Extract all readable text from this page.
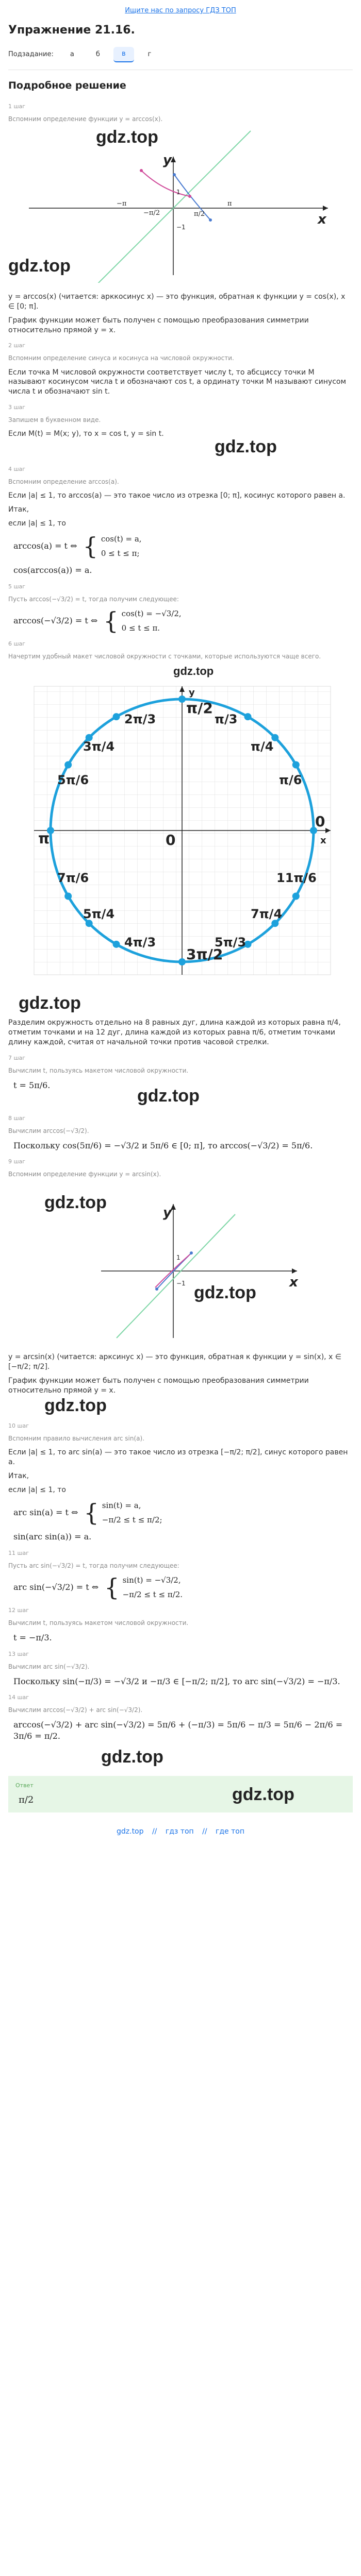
Ищите нас по запросу ГДЗ ТОП
Упражнение 21.16.
Подзадание:	а	б	в	г
Подробное решение
1 шаг
Вспомним определение функции y = arccos(x).
y
x
−π
−π/2	π/2
π
1
−1
gdz.top
gdz.top

y = arccos(x) (читается: арккосинус x) — это функция, обратная к функции y = cos(x), x ∈ [0; π].

График функции может быть получен с помощью преобразования симметрии относительно прямой y = x.

2 шаг
Вспомним определение синуса и косинуса на числовой окружности.

Если точка M числовой окружности соответствует числу t, то абсциссу точки M называют косинусом числа t и обозначают cos t, а ординату точки M называют синусом числа t и обозначают sin t.

3 шаг
Запишем в буквенном виде.

Если M(t) = M(x; y), то x = cos t, y = sin t.

gdz.top
4 шаг
Вспомним определение arccos(a).

Если |a| ≤ 1, то arccos(a) — это такое число из отрезка [0; π], косинус которого равен a.

Итак,

если |a| ≤ 1, то

arccos(a) = t ⇔ { cos(t) = a,
0 ≤ t ≤ π;
cos(arccos(a)) = a.
5 шаг
Пусть arccos(−√3/2) = t, тогда получим следующее:
arccos(−√3/2) = t ⇔ { cos(t) = −√3/2,
0 ≤ t ≤ π.
6 шаг
Начертим удобный макет числовой окружности с точками, которые используются чаще всего.
π/2
3π/2
π
0
0
y
x
π/3
π/4
π/6
2π/3
3π/4
5π/6
7π/6
5π/4
4π/3	5π/3
7π/4
11π/6
gdz.top
gdz.top

Разделим окружность отдельно на 8 равных дуг, длина каждой из которых равна π/4, отметим точками и на 12 дуг, длина каждой из которых равна π/6, отметим точками длину каждой, считая от начальной точки против часовой стрелки.

7 шаг
Вычислим t, пользуясь макетом числовой окружности.
t = 5π/6.
gdz.top
8 шаг
Вычислим arccos(−√3/2).
Поскольку cos(5π/6) = −√3/2 и 5π/6 ∈ [0; π], то arccos(−√3/2) = 5π/6.
9 шаг
Вспомним определение функции y = arcsin(x).
y
x
1
−1
gdz.top
gdz.top

y = arcsin(x) (читается: арксинус x) — это функция, обратная к функции y = sin(x), x ∈ [−π/2; π/2].

График функции может быть получен с помощью преобразования симметрии относительно прямой y = x.

gdz.top
10 шаг
Вспомним правило вычисления arc sin(a).

Если |a| ≤ 1, то arc sin(a) — это такое число из отрезка [−π/2; π/2], синус которого равен a.

Итак,

если |a| ≤ 1, то

arc sin(a) = t ⇔ { sin(t) = a,
−π/2 ≤ t ≤ π/2;
sin(arc sin(a)) = a.
11 шаг
Пусть arc sin(−√3/2) = t, тогда получим следующее:
arc sin(−√3/2) = t ⇔ { sin(t) = −√3/2,
−π/2 ≤ t ≤ π/2.
12 шаг
Вычислим t, пользуясь макетом числовой окружности.
t = −π/3.
13 шаг
Вычислим arc sin(−√3/2).
Поскольку sin(−π/3) = −√3/2 и −π/3 ∈ [−π/2; π/2], то arc sin(−√3/2) = −π/3.
14 шаг
Вычислим arccos(−√3/2) + arc sin(−√3/2).
arccos(−√3/2) + arc sin(−√3/2) = 5π/6 + (−π/3) = 5π/6 − π/3 = 5π/6 − 2π/6 = 3π/6 = π/2.
gdz.top
Ответ
π/2	gdz.top
gdz.top // гдз топ // где топ
